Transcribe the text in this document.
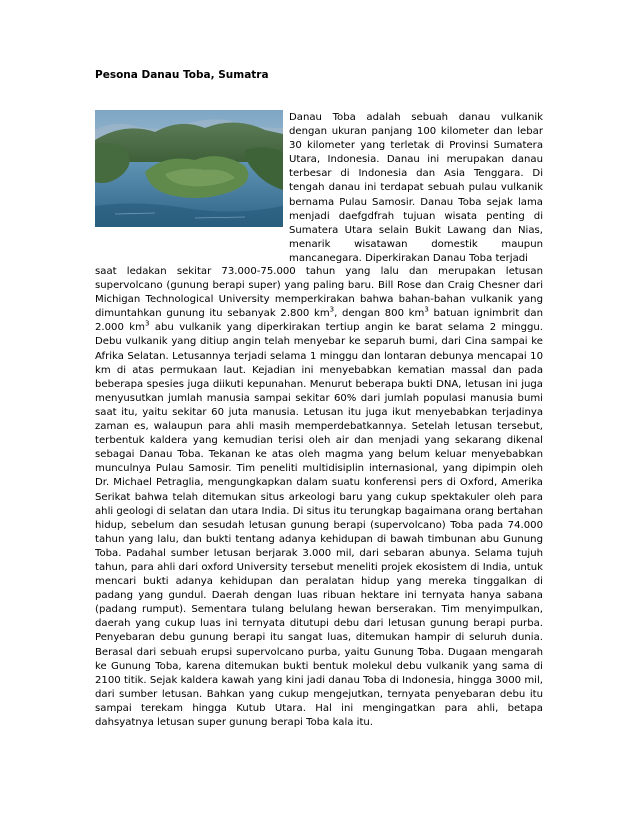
Pesona Danau Toba, Sumatra

Danau Toba adalah sebuah danau vulkanik dengan ukuran panjang 100 kilometer dan lebar 30 kilometer yang terletak di Provinsi Sumatera Utara, Indonesia. Danau ini merupakan danau terbesar di Indonesia dan Asia Tenggara. Di tengah danau ini terdapat sebuah pulau vulkanik bernama Pulau Samosir. Danau Toba sejak lama menjadi daefgdfrah tujuan wisata penting di Sumatera Utara selain Bukit Lawang dan Nias, menarik wisatawan domestik maupun mancanegara. Diperkirakan Danau Toba terjadi

saat ledakan sekitar 73.000-75.000 tahun yang lalu dan merupakan letusan supervolcano (gunung berapi super) yang paling baru. Bill Rose dan Craig Chesner dari Michigan Technological University memperkirakan bahwa bahan-bahan vulkanik yang dimuntahkan gunung itu sebanyak 2.800 $km^3$, dengan 800 $km^3$ batuan ignimbrit dan 2.000 $km^3$ abu vulkanik yang diperkirakan tertiup angin ke barat selama 2 minggu. Debu vulkanik yang ditiup angin telah menyebar ke separuh bumi, dari Cina sampai ke Afrika Selatan. Letusannya terjadi selama 1 minggu dan lontaran debunya mencapai 10 km di atas permukaan laut. Kejadian ini menyebabkan kematian massal dan pada beberapa spesies juga diikuti kepunahan. Menurut beberapa bukti DNA, letusan ini juga menyusutkan jumlah manusia sampai sekitar 60% dari jumlah populasi manusia bumi saat itu, yaitu sekitar 60 juta manusia. Letusan itu juga ikut menyebabkan terjadinya zaman es, walaupun para ahli masih memperdebatkannya. Setelah letusan tersebut, terbentuk kaldera yang kemudian terisi oleh air dan menjadi yang sekarang dikenal sebagai Danau Toba. Tekanan ke atas oleh magma yang belum keluar menyebabkan munculnya Pulau Samosir. Tim peneliti multidisiplin internasional, yang dipimpin oleh Dr. Michael Petraglia, mengungkapkan dalam suatu konferensi pers di Oxford, Amerika Serikat bahwa telah ditemukan situs arkeologi baru yang cukup spektakuler oleh para ahli geologi di selatan dan utara India. Di situs itu terungkap bagaimana orang bertahan hidup, sebelum dan sesudah letusan gunung berapi (supervolcano) Toba pada 74.000 tahun yang lalu, dan bukti tentang adanya kehidupan di bawah timbunan abu Gunung Toba. Padahal sumber letusan berjarak 3.000 mil, dari sebaran abunya. Selama tujuh tahun, para ahli dari oxford University tersebut meneliti projek ekosistem di India, untuk mencari bukti adanya kehidupan dan peralatan hidup yang mereka tinggalkan di padang yang gundul. Daerah dengan luas ribuan hektare ini ternyata hanya sabana (padang rumput). Sementara tulang belulang hewan berserakan. Tim menyimpulkan, daerah yang cukup luas ini ternyata ditutupi debu dari letusan gunung berapi purba. Penyebaran debu gunung berapi itu sangat luas, ditemukan hampir di seluruh dunia. Berasal dari sebuah erupsi supervolcano purba, yaitu Gunung Toba. Dugaan mengarah ke Gunung Toba, karena ditemukan bukti bentuk molekul debu vulkanik yang sama di 2100 titik. Sejak kaldera kawah yang kini jadi danau Toba di Indonesia, hingga 3000 mil, dari sumber letusan. Bahkan yang cukup mengejutkan, ternyata penyebaran debu itu sampai terekam hingga Kutub Utara. Hal ini mengingatkan para ahli, betapa dahsyatnya letusan super gunung berapi Toba kala itu.
